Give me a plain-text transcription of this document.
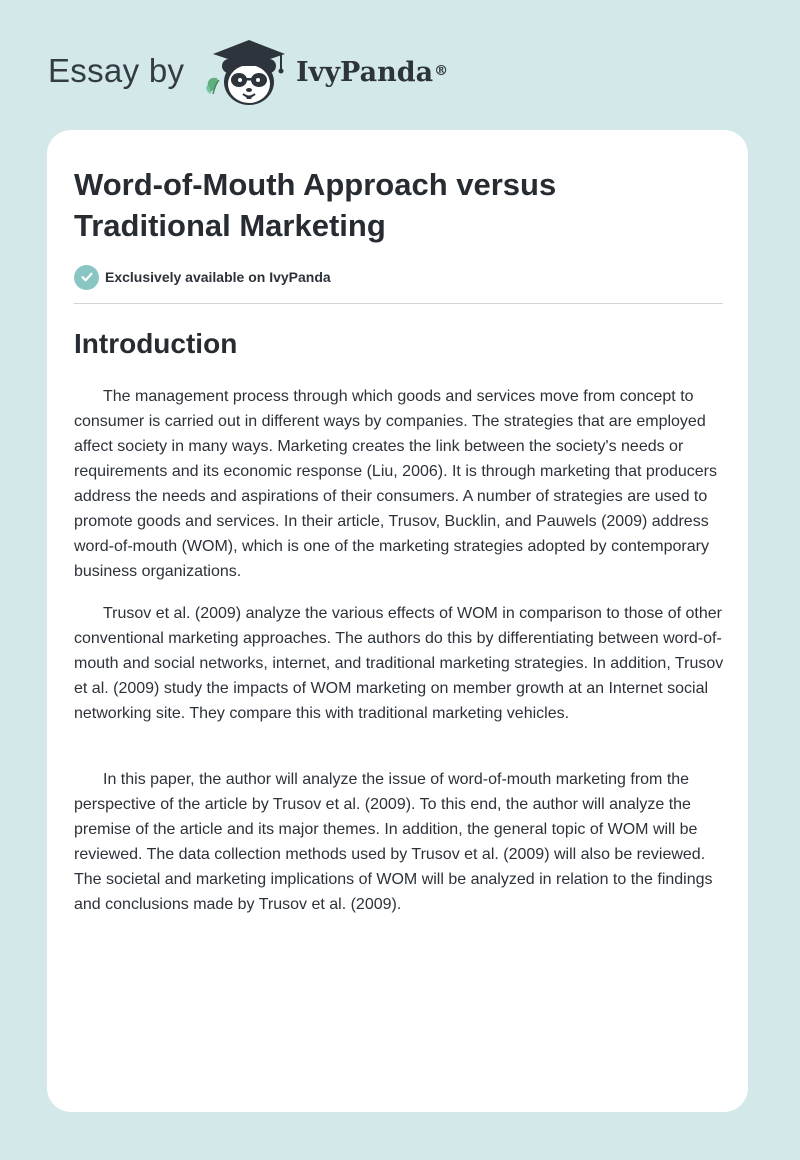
Essay by	IvyPanda®
Word-of-Mouth Approach versus Traditional Marketing
Exclusively available on IvyPanda
Introduction

The management process through which goods and services move from concept to consumer is carried out in different ways by companies. The strategies that are employed affect society in many ways. Marketing creates the link between the society's needs or requirements and its economic response (Liu, 2006). It is through marketing that producers address the needs and aspirations of their consumers. A number of strategies are used to promote goods and services. In their article, Trusov, Bucklin, and Pauwels (2009) address word-of-mouth (WOM), which is one of the marketing strategies adopted by contemporary business organizations.

Trusov et al. (2009) analyze the various effects of WOM in comparison to those of other conventional marketing approaches. The authors do this by differentiating between word-of-mouth and social networks, internet, and traditional marketing strategies. In addition, Trusov et al. (2009) study the impacts of WOM marketing on member growth at an Internet social networking site. They compare this with traditional marketing vehicles.

In this paper, the author will analyze the issue of word-of-mouth marketing from the perspective of the article by Trusov et al. (2009). To this end, the author will analyze the premise of the article and its major themes. In addition, the general topic of WOM will be reviewed. The data collection methods used by Trusov et al. (2009) will also be reviewed. The societal and marketing implications of WOM will be analyzed in relation to the findings and conclusions made by Trusov et al. (2009).
